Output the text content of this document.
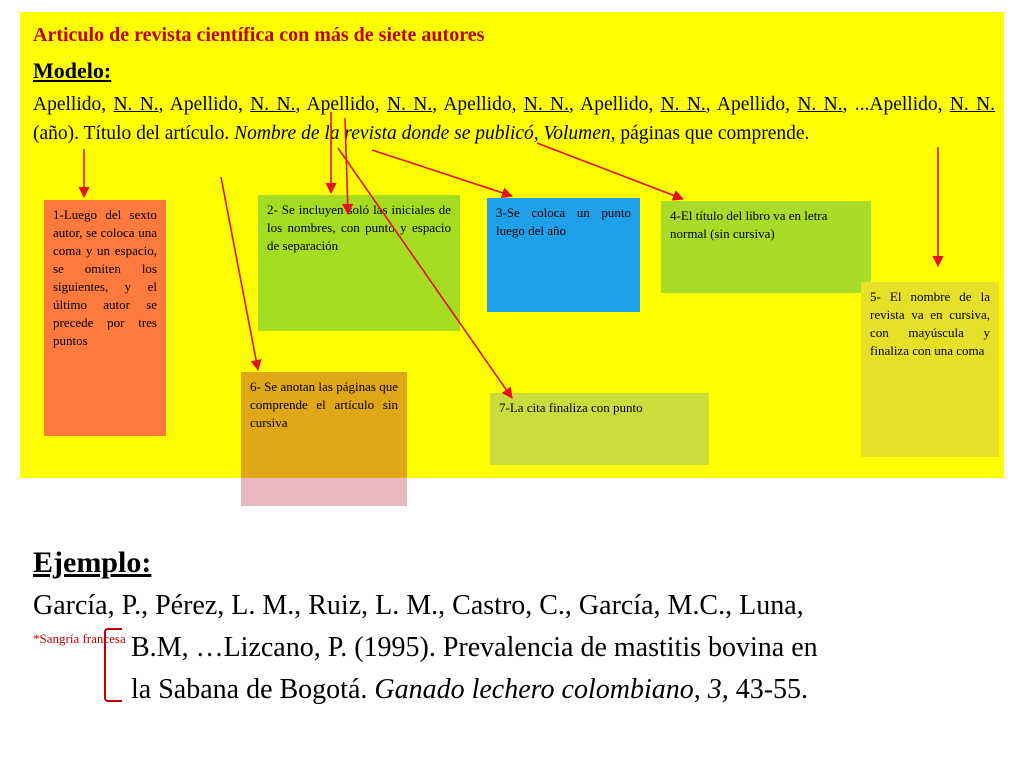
Articulo de revista científica con más de siete autores
Modelo:
Apellido, N. N., Apellido, N. N., Apellido, N. N., Apellido, N. N., Apellido, N. N., Apellido, N. N., ...Apellido, N. N. (año). Título del artículo. Nombre de la revista donde se publicó, Volumen, páginas que comprende.
1-Luego del sexto autor, se coloca una coma y un espacio, se omiten los siguientes, y el último autor se precede por tres puntos
2- Se incluyen soló las iniciales de los nombres, con punto y espacio de separación
3-Se coloca un punto luego del año
4-El título del libro va en letra normal (sin cursiva)
5- El nombre de la revista va en cursiva, con mayúscula y finaliza con una coma
6- Se anotan las páginas que comprende el artículo sin cursiva
7-La cita finaliza con punto
Ejemplo:
García, P., Pérez, L. M., Ruiz, L. M., Castro, C., García, M.C., Luna,
B.M, …Lizcano, P. (1995). Prevalencia de mastitis bovina en
la Sabana de Bogotá. Ganado lechero colombiano, 3, 43-55.
*Sangría francesa
